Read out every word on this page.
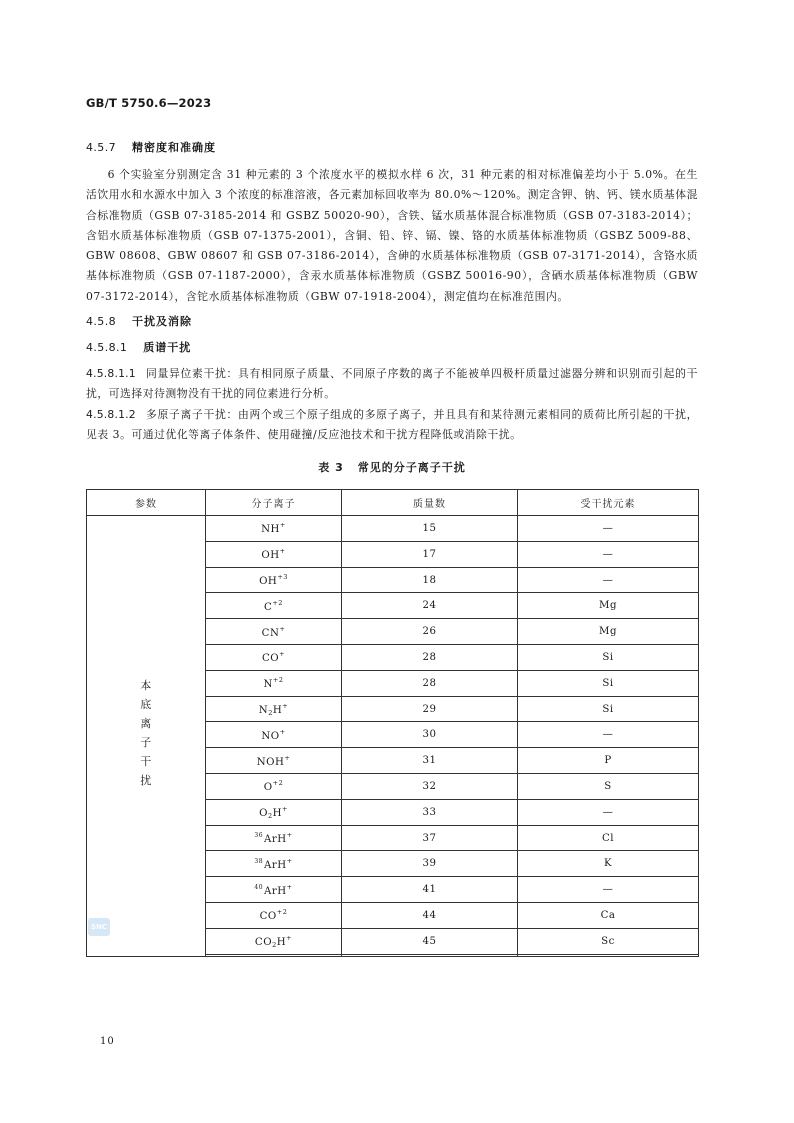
GB/T 5750.6—2023
4.5.7 精密度和准确度

6 个实验室分别测定含 31 种元素的 3 个浓度水平的模拟水样 6 次，31 种元素的相对标准偏差均小于 5.0%。在生活饮用水和水源水中加入 3 个浓度的标准溶液，各元素加标回收率为 80.0%～120%。测定含钾、钠、钙、镁水质基体混合标准物质（GSB 07-3185-2014 和 GSBZ 50020-90），含铁、锰水质基体混合标准物质（GSB 07-3183-2014）；含铝水质基体标准物质（GSB 07-1375-2001），含铜、铅、锌、镉、镍、铬的水质基体标准物质（GSBZ 5009-88、GBW 08608、GBW 08607 和 GSB 07-3186-2014），含砷的水质基体标准物质（GSB 07-3171-2014），含铬水质基体标准物质（GSB 07-1187-2000），含汞水质基体标准物质（GSBZ 50016-90），含硒水质基体标准物质（GBW 07-3172-2014），含铊水质基体标准物质（GBW 07-1918-2004），测定值均在标准范围内。

4.5.8 干扰及消除
4.5.8.1 质谱干扰

4.5.8.1.1 同量异位素干扰：具有相同原子质量、不同原子序数的离子不能被单四极杆质量过滤器分辨和识别而引起的干扰，可选择对待测物没有干扰的同位素进行分析。

4.5.8.1.2 多原子离子干扰：由两个或三个原子组成的多原子离子，并且具有和某待测元素相同的质荷比所引起的干扰，见表 3。可通过优化等离子体条件、使用碰撞/反应池技术和干扰方程降低或消除干扰。

表 3 常见的分子离子干扰
参数	分子离子	质量数	受干扰元素

本底离子干扰	NH+	15	—
	OH+	17	—
	$OH^{+3}$	18	—
	$C^{+2}$	24	Mg
	CN+	26	Mg
	CO+	28	Si
	$N^{+2}$	28	Si
	$N_2H^+$	29	Si
	NO+	30	—
	NOH+	31	P
	$O^{+2}$	32	S
	$O_2H^+$	33	—
	$^{36}$ArH+	37	Cl
	$^{38}$ArH+	39	K
	$^{40}$ArH+	41	—
	$CO^{+2}$	44	Ca
	$CO_2H^+$	45	Sc

SNC
10
